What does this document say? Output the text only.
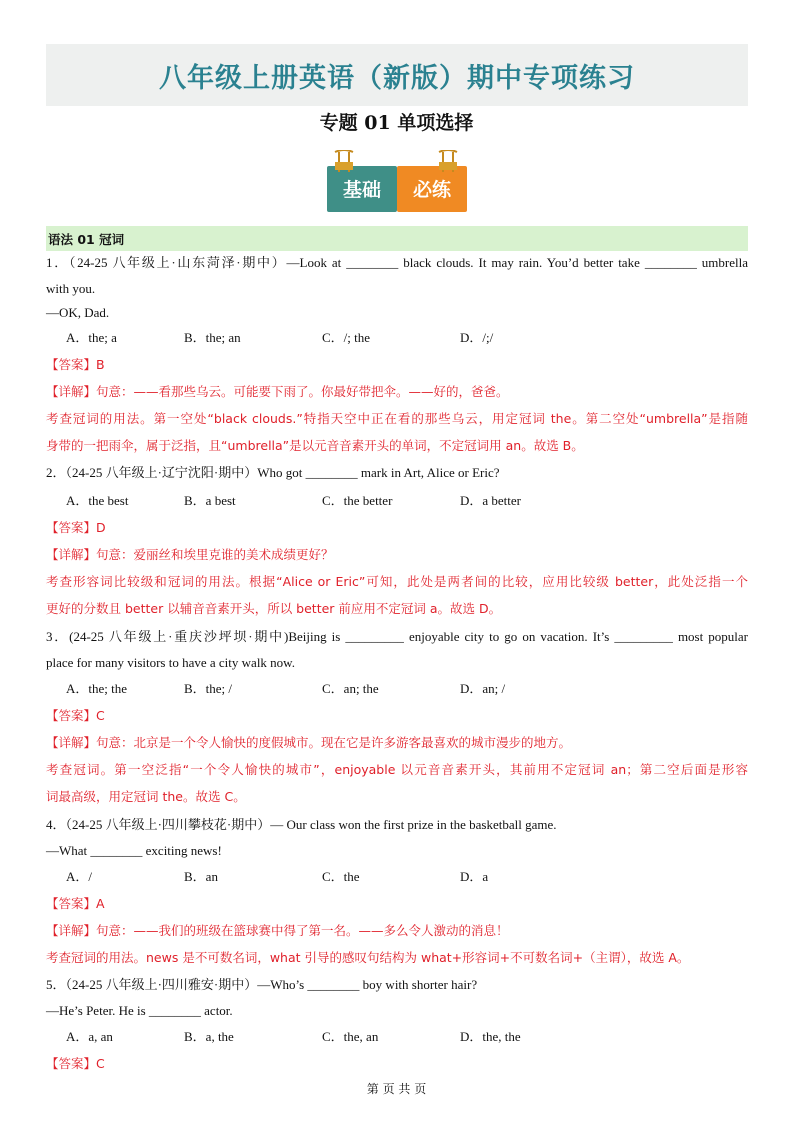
八年级上册英语（新版）期中专项练习
专题 01 单项选择
基础 必练
语法 01 冠词
1．（24-25 八年级上·山东菏泽·期中）—Look at ________ black clouds. It may rain. You’d better take ________ umbrella
with you.
—OK, Dad.
A．the; a	B．the; an	C．/; the	D．/;/
【答案】B
【详解】句意：——看那些乌云。可能要下雨了。你最好带把伞。——好的，爸爸。
考查冠词的用法。第一空处“black clouds.”特指天空中正在看的那些乌云，用定冠词 the。第二空处“umbrella”是指随
身带的一把雨伞，属于泛指，且“umbrella”是以元音音素开头的单词，不定冠词用 an。故选 B。
2．（24-25 八年级上·辽宁沈阳·期中）Who got ________ mark in Art, Alice or Eric?
A．the best	B．a best	C．the better	D．a better
【答案】D
【详解】句意：爱丽丝和埃里克谁的美术成绩更好？
考查形容词比较级和冠词的用法。根据“Alice or Eric”可知，此处是两者间的比较，应用比较级 better，此处泛指一个
更好的分数且 better 以辅音音素开头，所以 better 前应用不定冠词 a。故选 D。
3．(24-25 八年级上·重庆沙坪坝·期中)Beijing is _________ enjoyable city to go on vacation. It’s _________ most popular
place for many visitors to have a city walk now.
A．the; the	B．the; /	C．an; the	D．an; /
【答案】C
【详解】句意：北京是一个令人愉快的度假城市。现在它是许多游客最喜欢的城市漫步的地方。
考查冠词。第一空泛指“一个令人愉快的城市”，enjoyable 以元音音素开头，其前用不定冠词 an；第二空后面是形容
词最高级，用定冠词 the。故选 C。
4．（24-25 八年级上·四川攀枝花·期中）— Our class won the first prize in the basketball game.
—What ________ exciting news!
A．/	B．an	C．the	D．a
【答案】A
【详解】句意：——我们的班级在篮球赛中得了第一名。——多么令人激动的消息！
考查冠词的用法。news 是不可数名词，what 引导的感叹句结构为 what+形容词+不可数名词+（主谓），故选 A。
5．（24-25 八年级上·四川雅安·期中）—Who’s ________ boy with shorter hair?
—He’s Peter. He is ________ actor.
A．a, an	B．a, the	C．the, an	D．the, the
【答案】C
第 页 共 页
